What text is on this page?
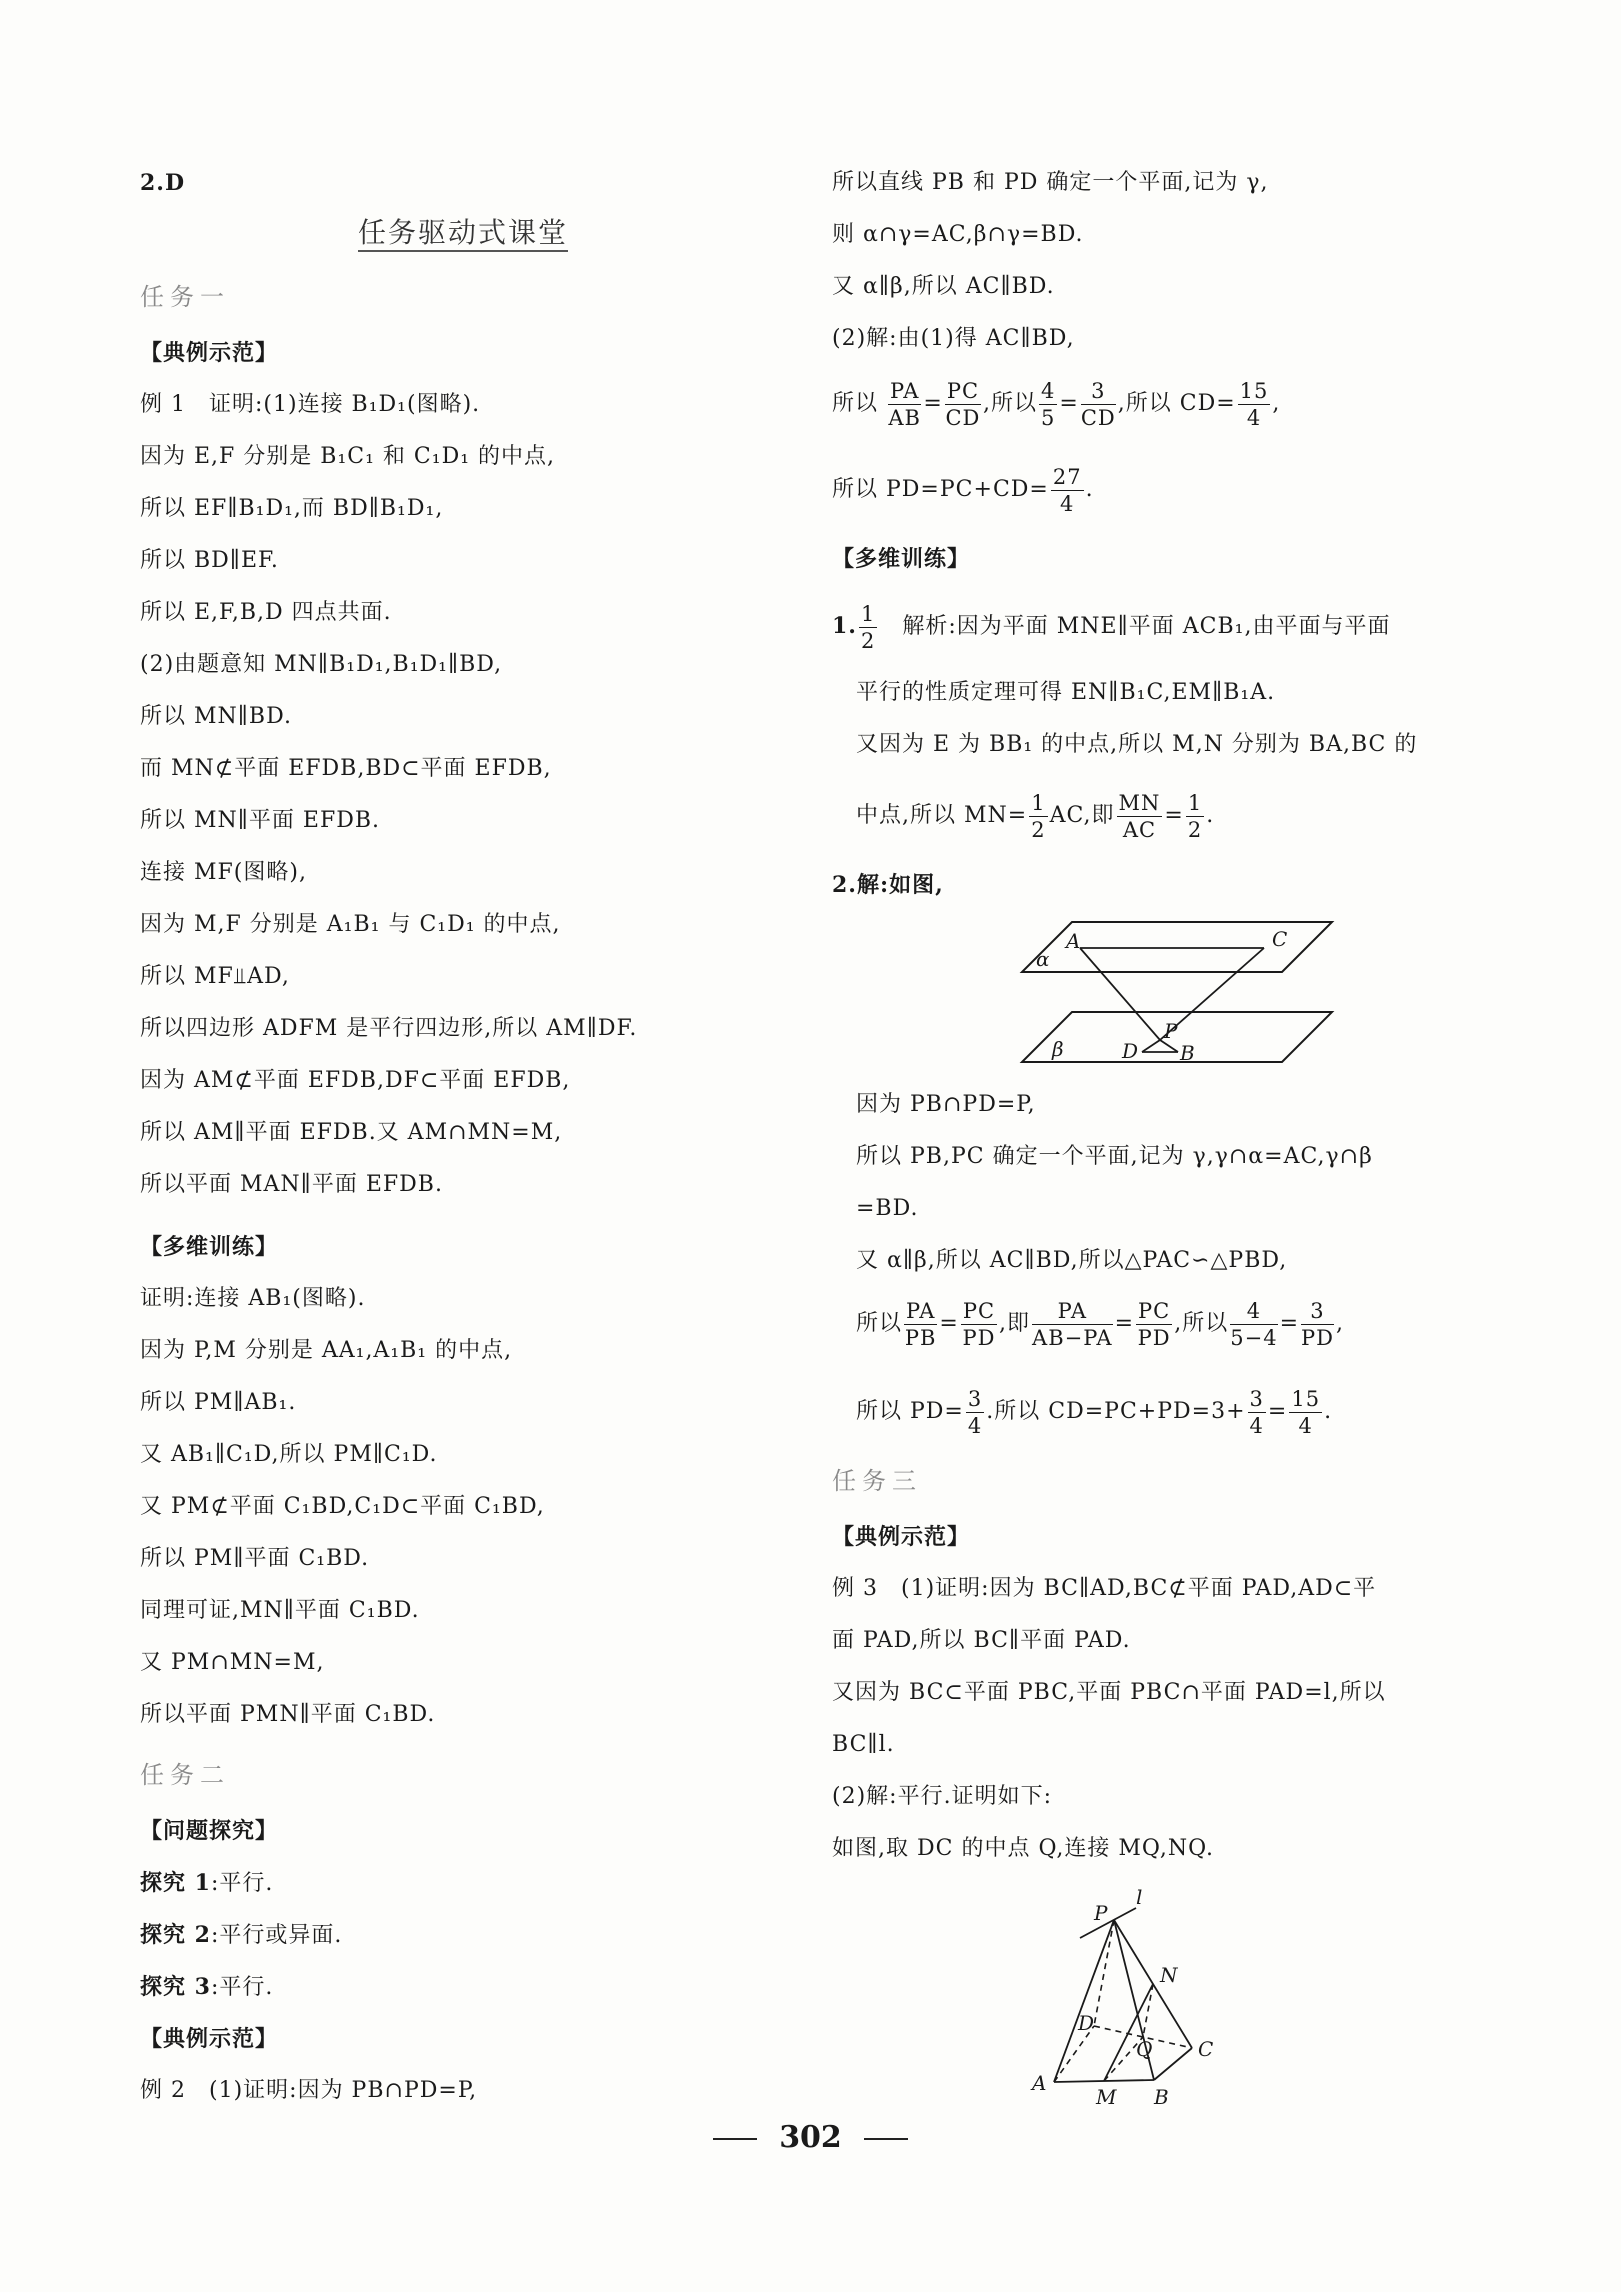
2.D
任务驱动式课堂
任务一
【典例示范】
例 1　证明:(1)连接 B₁D₁(图略).
因为 E,F 分别是 B₁C₁ 和 C₁D₁ 的中点,
所以 EF∥B₁D₁,而 BD∥B₁D₁,
所以 BD∥EF.
所以 E,F,B,D 四点共面.
(2)由题意知 MN∥B₁D₁,B₁D₁∥BD,
所以 MN∥BD.
而 MN⊄平面 EFDB,BD⊂平面 EFDB,
所以 MN∥平面 EFDB.
连接 MF(图略),
因为 M,F 分别是 A₁B₁ 与 C₁D₁ 的中点,
所以 MF⫫AD,
所以四边形 ADFM 是平行四边形,所以 AM∥DF.
因为 AM⊄平面 EFDB,DF⊂平面 EFDB,
所以 AM∥平面 EFDB.又 AM∩MN=M,
所以平面 MAN∥平面 EFDB.
【多维训练】
证明:连接 AB₁(图略).
因为 P,M 分别是 AA₁,A₁B₁ 的中点,
所以 PM∥AB₁.
又 AB₁∥C₁D,所以 PM∥C₁D.
又 PM⊄平面 C₁BD,C₁D⊂平面 C₁BD,
所以 PM∥平面 C₁BD.
同理可证,MN∥平面 C₁BD.
又 PM∩MN=M,
所以平面 PMN∥平面 C₁BD.
任务二
【问题探究】
探究 1:平行.
探究 2:平行或异面.
探究 3:平行.
【典例示范】
例 2　(1)证明:因为 PB∩PD=P,
所以直线 PB 和 PD 确定一个平面,记为 γ,
则 α∩γ=AC,β∩γ=BD.
又 α∥β,所以 AC∥BD.
(2)解:由(1)得 AC∥BD,
所以 $\frac{PA}{AB} = \frac{PC}{CD}$ ,所以 $\frac{4}{5} = \frac{3}{CD}$ ,所以 $CD= \frac{15}{4}$ ,
所以 $PD=PC+CD= \frac{27}{4}$ .
【多维训练】
1. $\frac{1}{2}$ 　解析:因为平面 MNE∥平面 ACB₁,由平面与平面
平行的性质定理可得 EN∥B₁C,EM∥B₁A.
又因为 E 为 BB₁ 的中点,所以 M,N 分别为 BA,BC 的
中点,所以 $MN= \frac{1}{2}$ AC,即 $\frac{MN}{AC} = \frac{1}{2}$ .
2.解:如图,
A	C
α
P
β	D B
因为 PB∩PD=P,
所以 PB,PC 确定一个平面,记为 γ,γ∩α=AC,γ∩β
=BD.
又 α∥β,所以 AC∥BD,所以△PAC∽△PBD,
所以 $\frac{PA}{PB} = \frac{PC}{PD}$ ,即 $\frac{PA}{AB-PA} = \frac{PC}{PD}$ ,所以 $\frac{4}{5-4} = \frac{3}{PD}$ ,
所以 $PD= \frac{3}{4}$ .所以 $CD=PC+PD=3+ \frac{3}{4} = \frac{15}{4}$ .
任务三
【典例示范】
例 3　(1)证明:因为 BC∥AD,BC⊄平面 PAD,AD⊂平
面 PAD,所以 BC∥平面 PAD.
又因为 BC⊂平面 PBC,平面 PBC∩平面 PAD=l,所以
BC∥l.
(2)解:平行.证明如下:
如图,取 DC 的中点 Q,连接 MQ,NQ.
P
l
N
D
C
Q
A
M B
302
